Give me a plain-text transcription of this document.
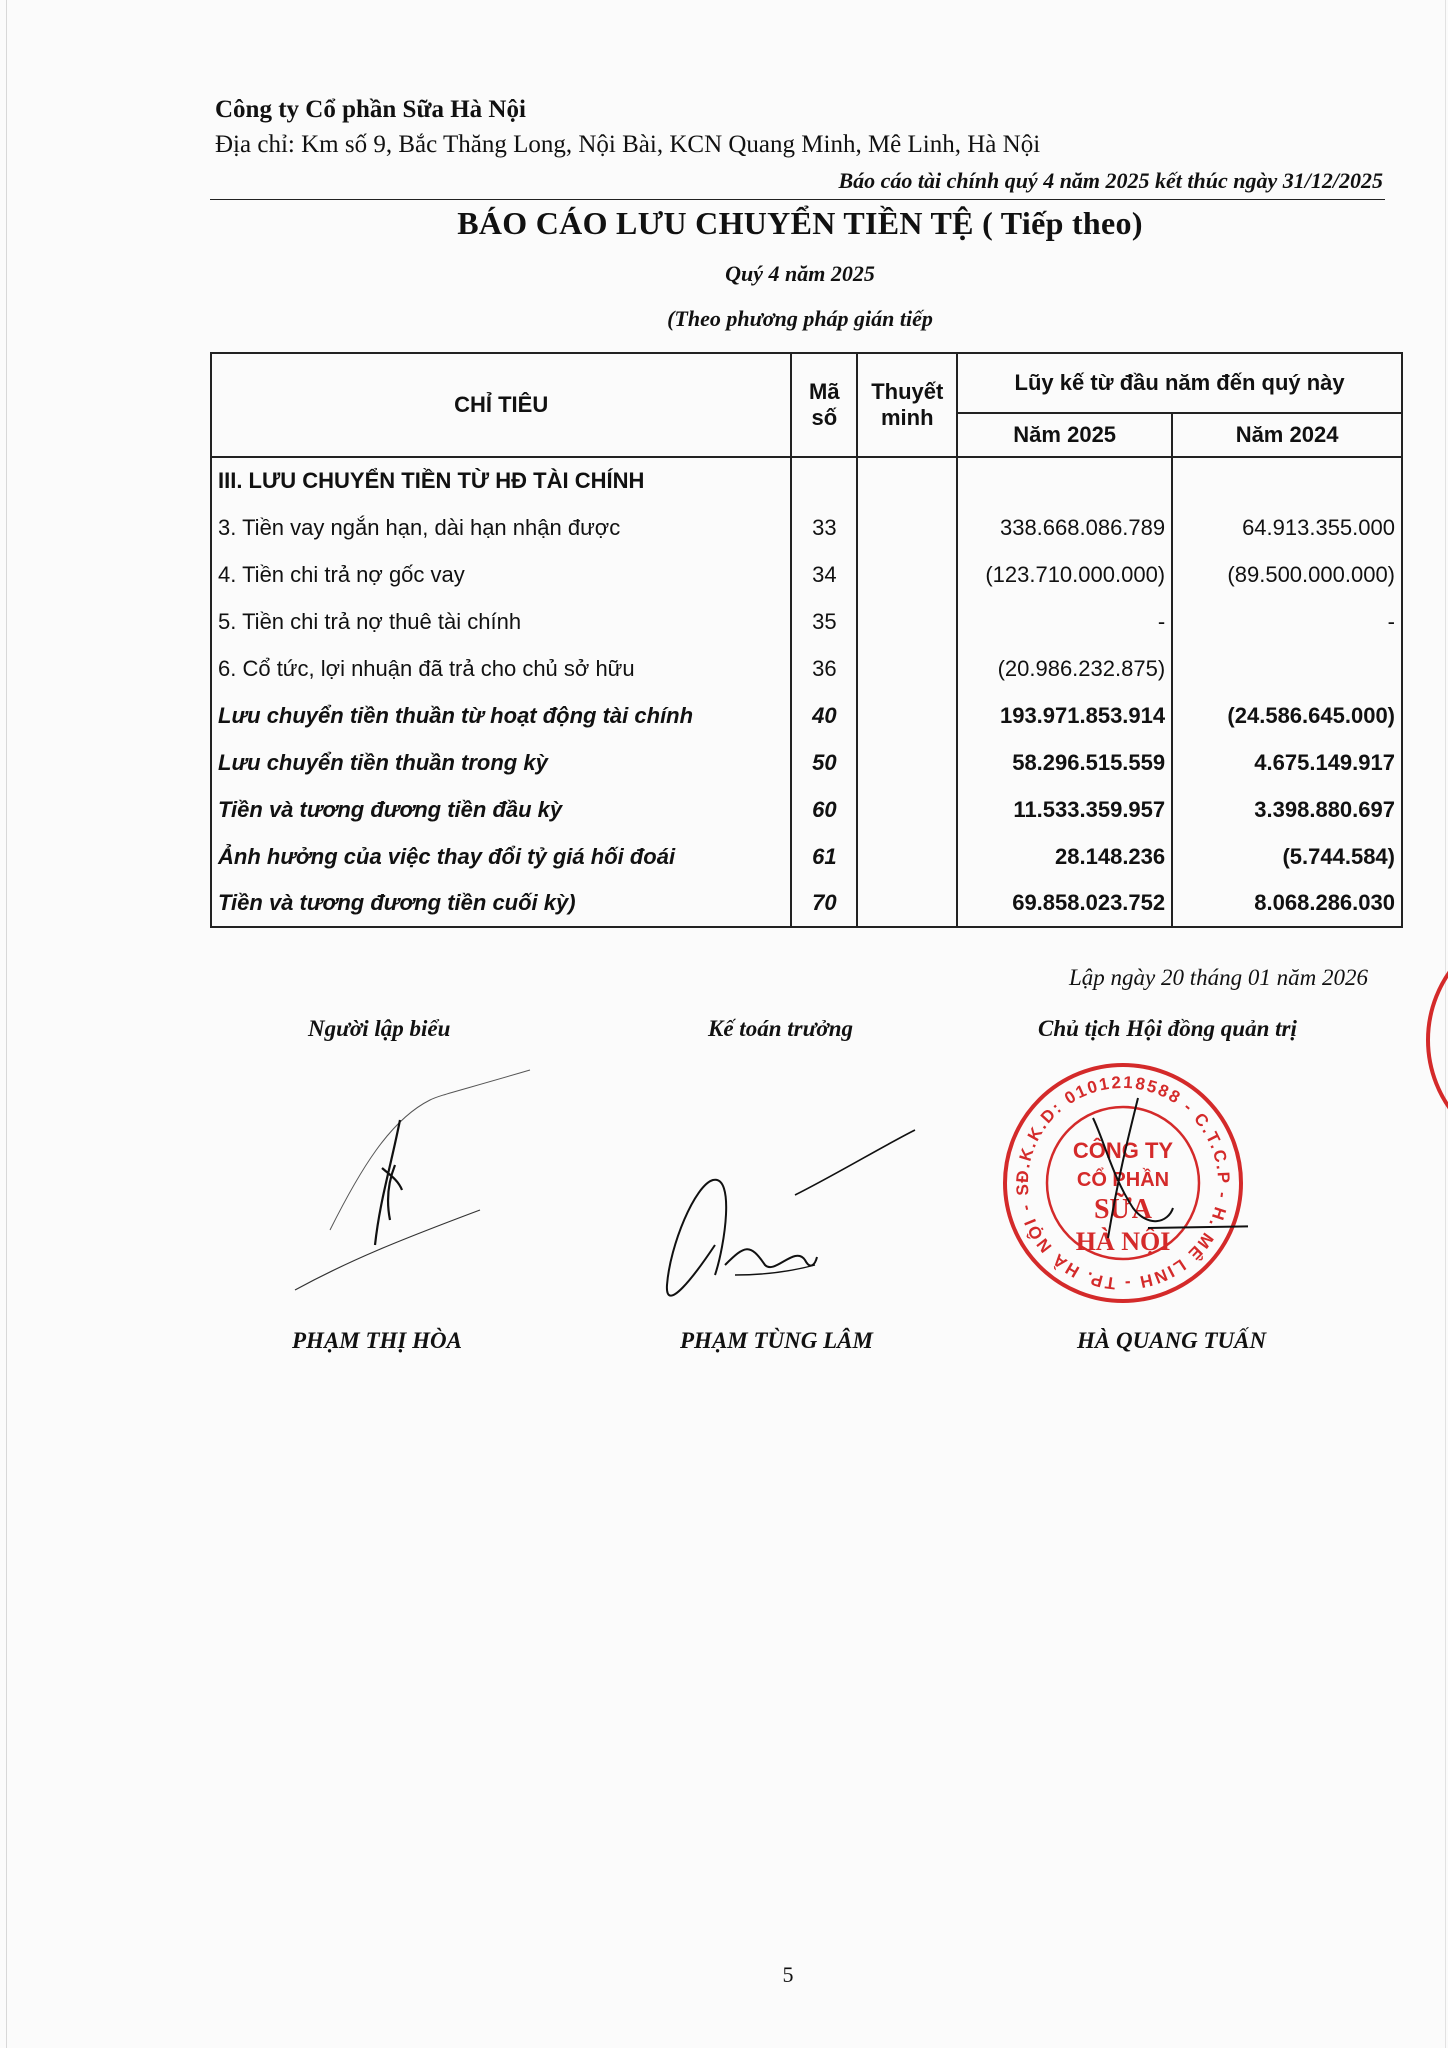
Công ty Cổ phần Sữa Hà Nội
Địa chỉ: Km số 9, Bắc Thăng Long, Nội Bài, KCN Quang Minh, Mê Linh, Hà Nội
Báo cáo tài chính quý 4 năm 2025 kết thúc ngày 31/12/2025
BÁO CÁO LƯU CHUYỂN TIỀN TỆ ( Tiếp theo)
Quý 4 năm 2025
(Theo phương pháp gián tiếp
CHỈ TIÊU	Mã số	Thuyết minh	Lũy kế từ đầu năm đến quý này	
			Năm 2025	Năm 2024
III. LƯU CHUYỂN TIỀN TỪ HĐ TÀI CHÍNH				
3. Tiền vay ngắn hạn, dài hạn nhận được	33		338.668.086.789	64.913.355.000
4. Tiền chi trả nợ gốc vay	34		(123.710.000.000)	(89.500.000.000)
5. Tiền chi trả nợ thuê tài chính	35		-	-
6. Cổ tức, lợi nhuận đã trả cho chủ sở hữu	36		(20.986.232.875)	
Lưu chuyển tiền thuần từ hoạt động tài chính	40		193.971.853.914	(24.586.645.000)
Lưu chuyển tiền thuần trong kỳ	50		58.296.515.559	4.675.149.917
Tiền và tương đương tiền đầu kỳ	60		11.533.359.957	3.398.880.697
Ảnh hưởng của việc thay đổi tỷ giá hối đoái	61		28.148.236	(5.744.584)
Tiền và tương đương tiền cuối kỳ)	70		69.858.023.752	8.068.286.030
Lập ngày 20 tháng 01 năm 2026
Người lập biểu	Kế toán trưởng	Chủ tịch Hội đồng quản trị
Đ.K.K.D: 0101218588 - C.T.C.P - H. MÊ LINH - TP. HÀ NỘI - S
CÔNG TY
CỔ PHẦN
SỮA
HÀ NỘI
PHẠM THỊ HÒA	PHẠM TÙNG LÂM	HÀ QUANG TUẤN
5
